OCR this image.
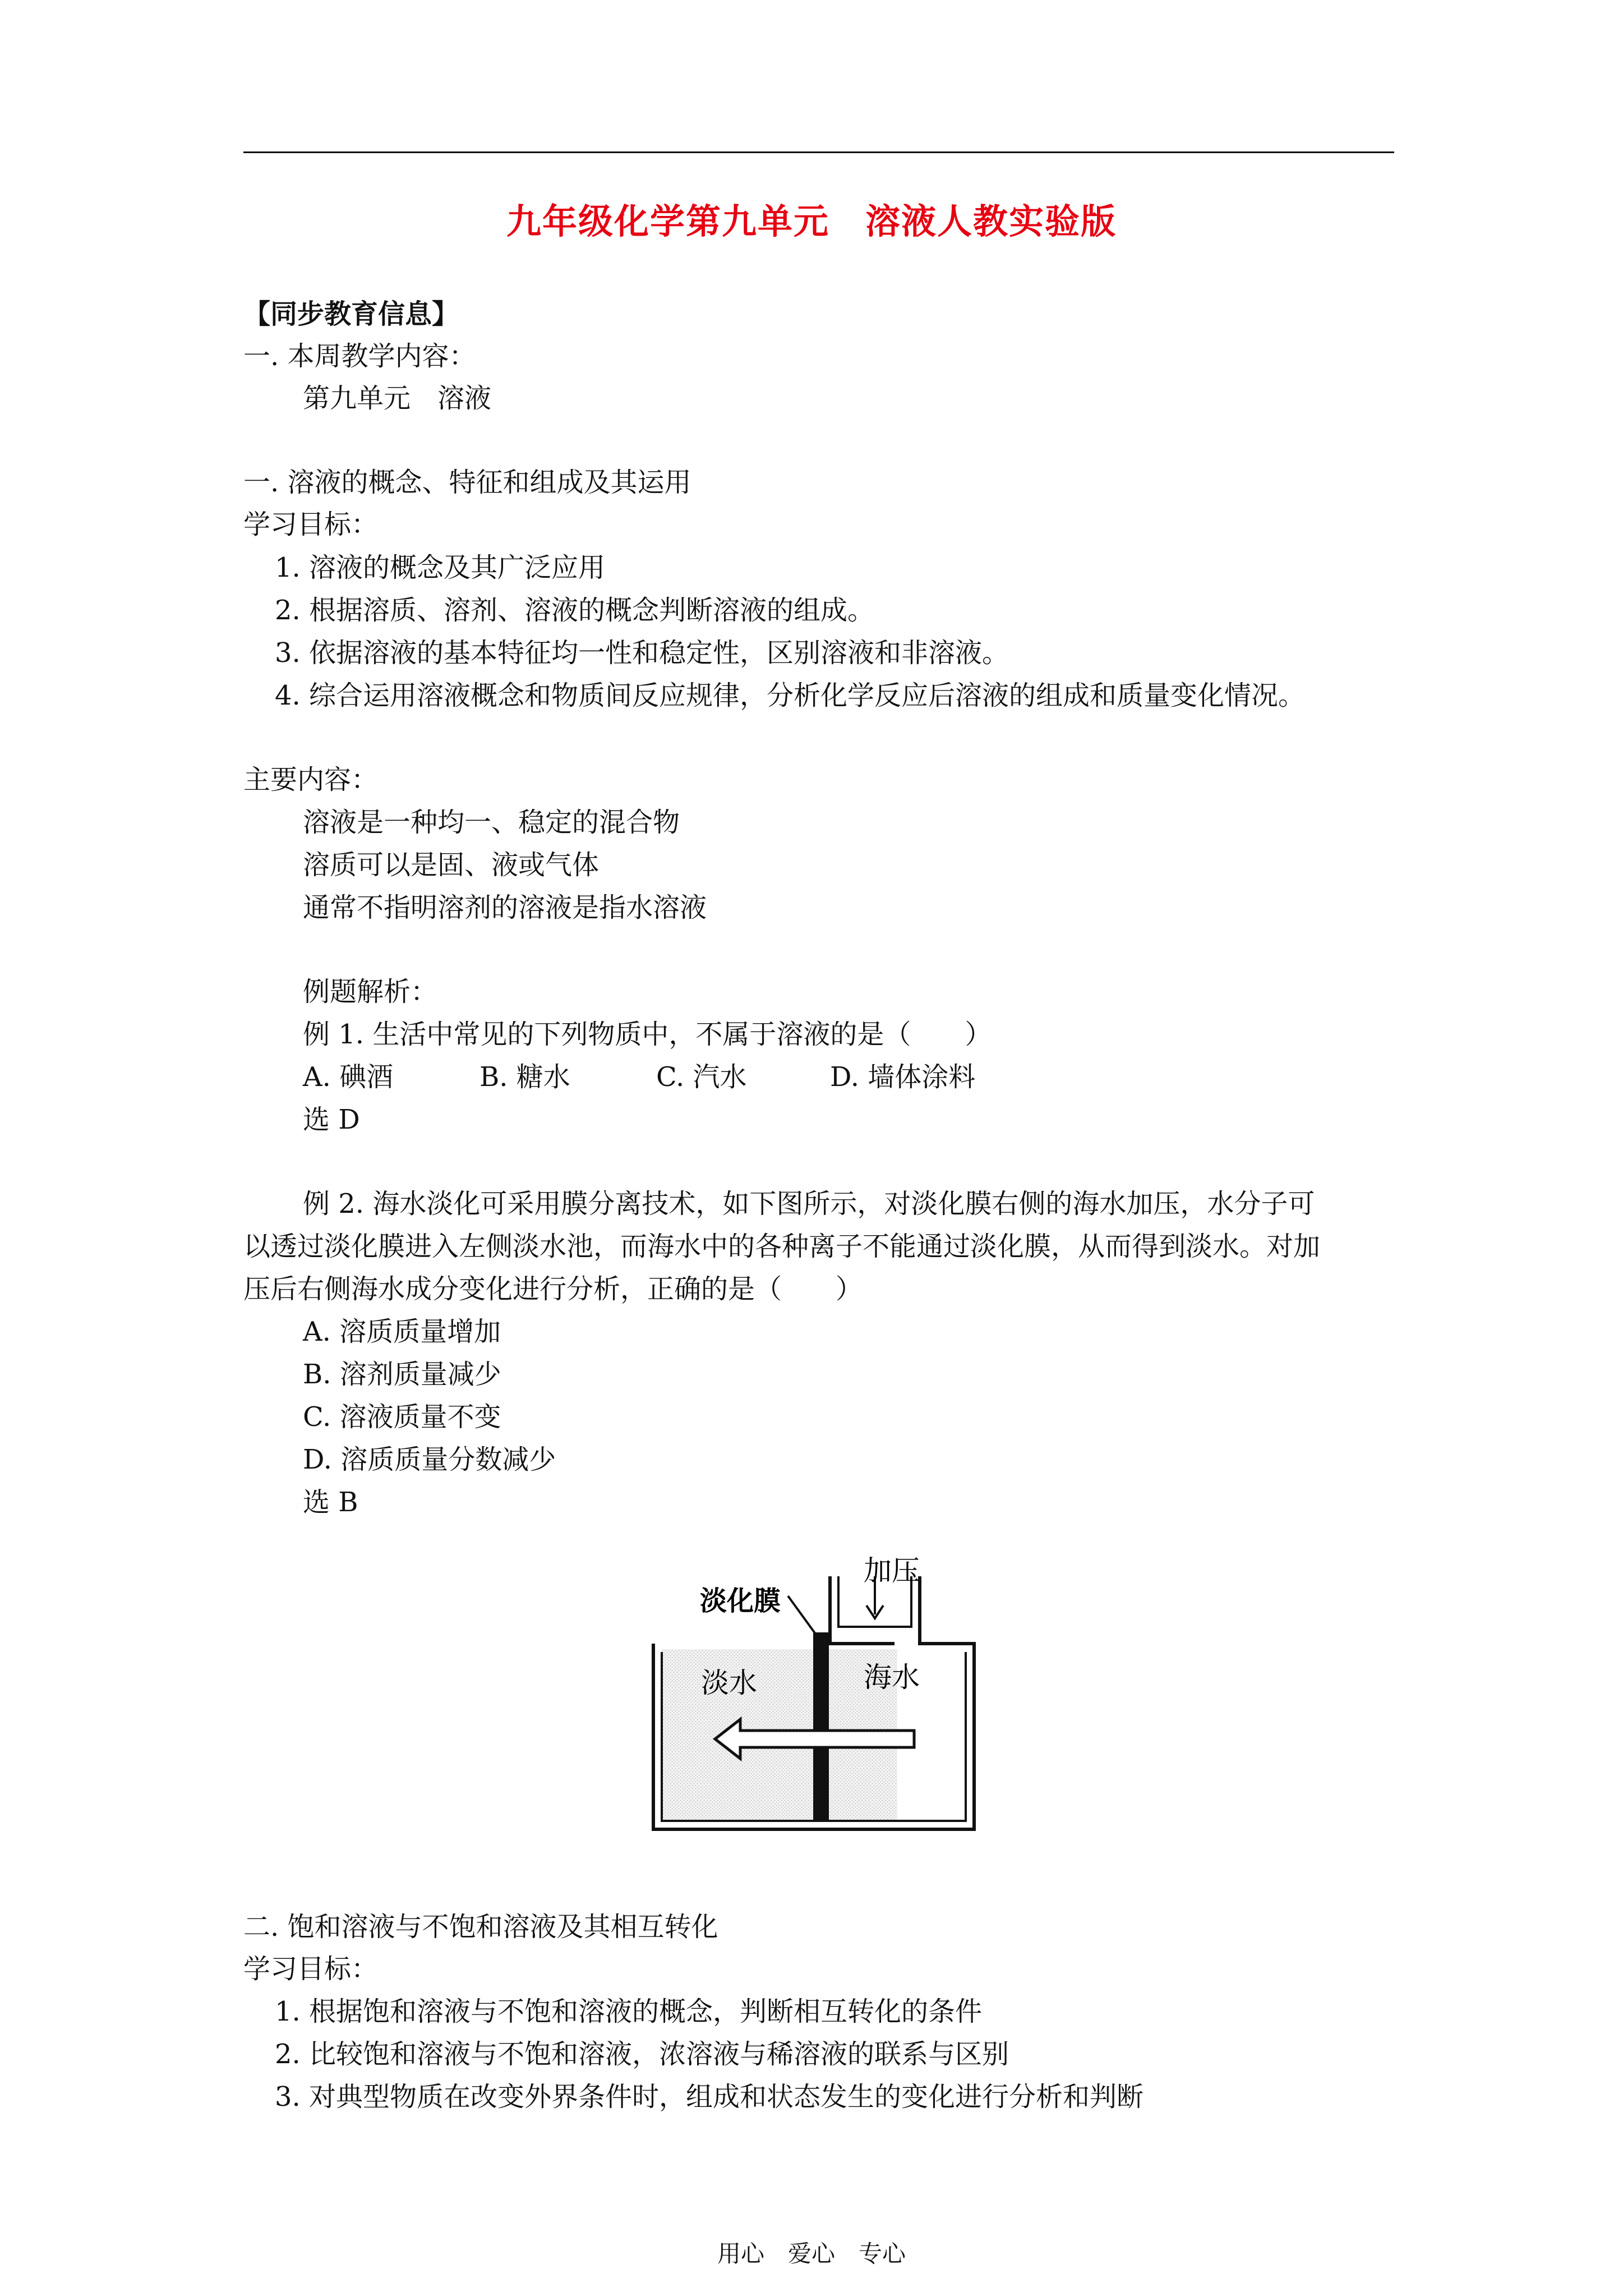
九年级化学第九单元　溶液人教实验版
【同步教育信息】
一. 本周教学内容：
第九单元　溶液
一. 溶液的概念、特征和组成及其运用
学习目标：
1. 溶液的概念及其广泛应用
2. 根据溶质、溶剂、溶液的概念判断溶液的组成。
3. 依据溶液的基本特征均一性和稳定性，区别溶液和非溶液。
4. 综合运用溶液概念和物质间反应规律，分析化学反应后溶液的组成和质量变化情况。
主要内容：
溶液是一种均一、稳定的混合物
溶质可以是固、液或气体
通常不指明溶剂的溶液是指水溶液
例题解析：
例 1. 生活中常见的下列物质中，不属于溶液的是（　　）
A. 碘酒	B. 糖水	C. 汽水	D. 墙体涂料
选 D
例 2. 海水淡化可采用膜分离技术，如下图所示，对淡化膜右侧的海水加压，水分子可
以透过淡化膜进入左侧淡水池，而海水中的各种离子不能通过淡化膜，从而得到淡水。对加
压后右侧海水成分变化进行分析，正确的是（　　）
A. 溶质质量增加
B. 溶剂质量减少
C. 溶液质量不变
D. 溶质质量分数减少
选 B
加压
淡化膜
淡水	海水
二. 饱和溶液与不饱和溶液及其相互转化
学习目标：
1. 根据饱和溶液与不饱和溶液的概念，判断相互转化的条件
2. 比较饱和溶液与不饱和溶液，浓溶液与稀溶液的联系与区别
3. 对典型物质在改变外界条件时，组成和状态发生的变化进行分析和判断
用心　爱心　专心
